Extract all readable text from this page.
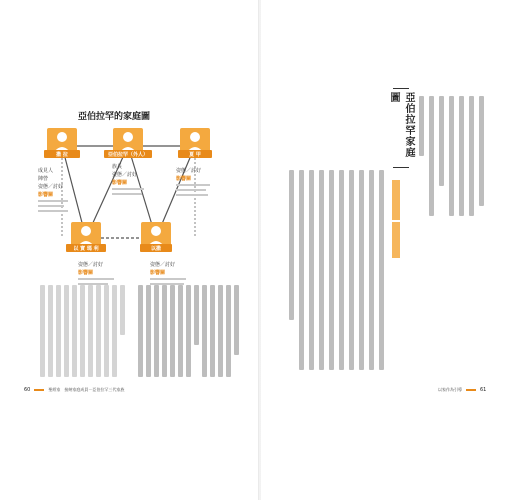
亞伯拉罕的家庭圖
撒 拉	亞伯拉罕（外人）	夏 甲
以 實 瑪 利	以撒
成見人
陣營
姿態／討好
影響關
族長
姿態／討好
影響關
姿態／討好
影響關
姿態／討好
影響關
姿態／討好
影響關
60	聖經家 接納家庭成員－亞伯拉罕三代家族
亞伯拉罕家庭圖
以家作為引導	61
